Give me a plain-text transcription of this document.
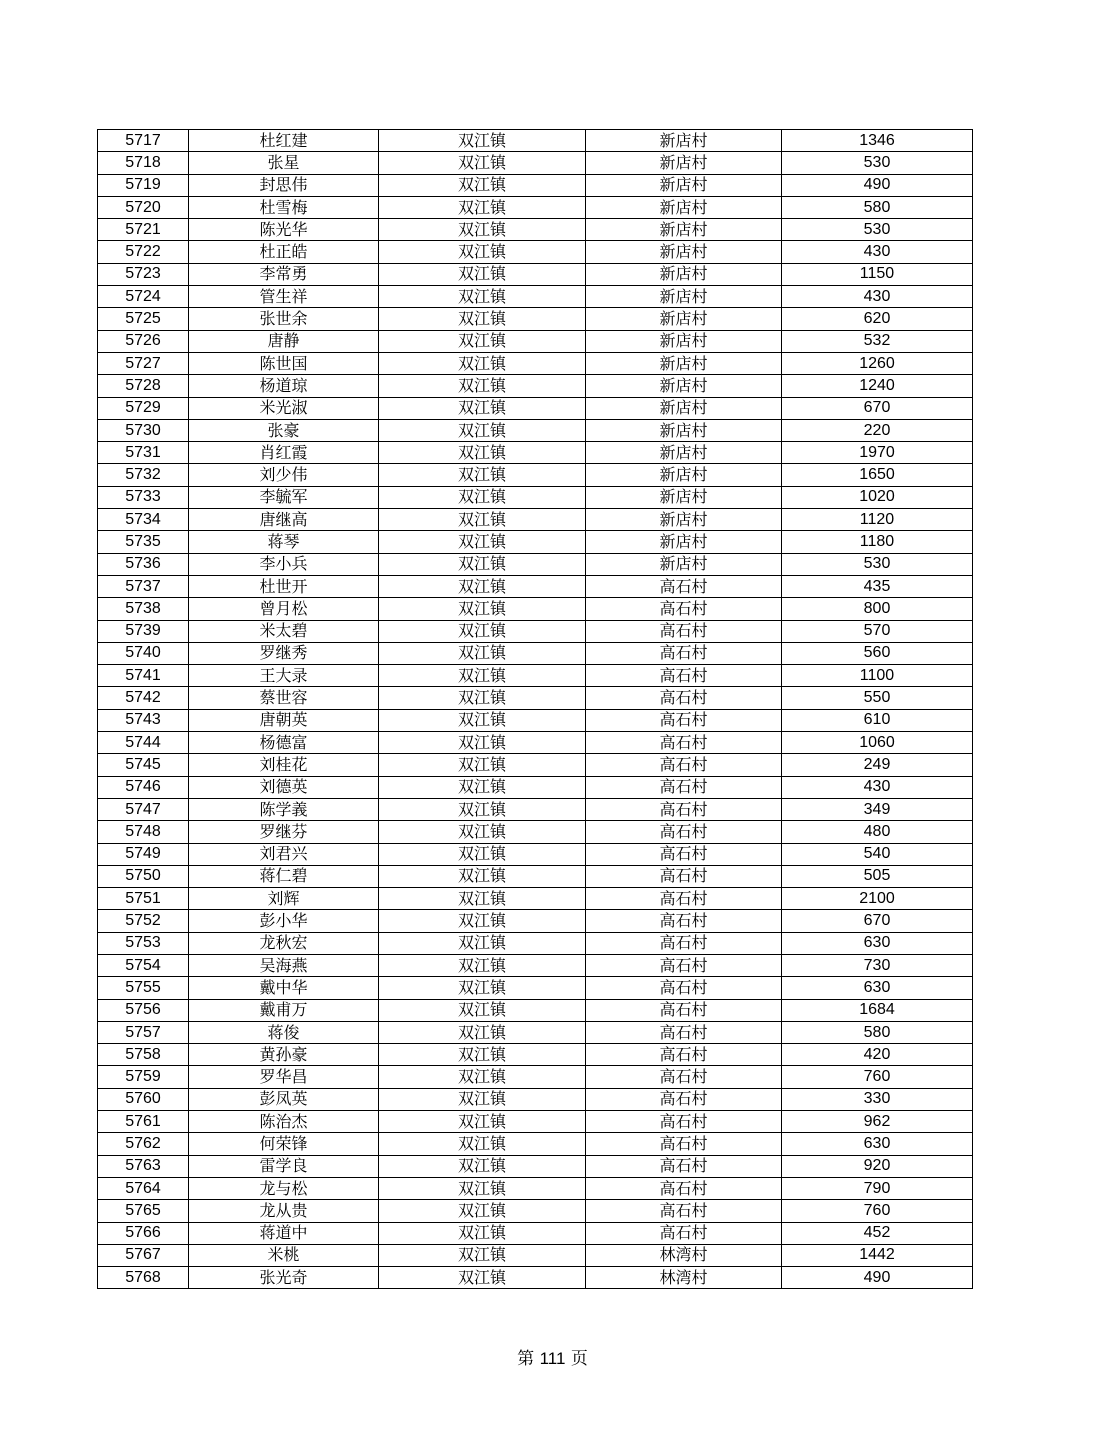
5717	杜红建	双江镇	新店村	1346
5718	张星	双江镇	新店村	530
5719	封思伟	双江镇	新店村	490
5720	杜雪梅	双江镇	新店村	580
5721	陈光华	双江镇	新店村	530
5722	杜正皓	双江镇	新店村	430
5723	李常勇	双江镇	新店村	1150
5724	管生祥	双江镇	新店村	430
5725	张世余	双江镇	新店村	620
5726	唐静	双江镇	新店村	532
5727	陈世国	双江镇	新店村	1260
5728	杨道琼	双江镇	新店村	1240
5729	米光淑	双江镇	新店村	670
5730	张豪	双江镇	新店村	220
5731	肖红霞	双江镇	新店村	1970
5732	刘少伟	双江镇	新店村	1650
5733	李毓军	双江镇	新店村	1020
5734	唐继高	双江镇	新店村	1120
5735	蒋琴	双江镇	新店村	1180
5736	李小兵	双江镇	新店村	530
5737	杜世开	双江镇	高石村	435
5738	曾月松	双江镇	高石村	800
5739	米太碧	双江镇	高石村	570
5740	罗继秀	双江镇	高石村	560
5741	王大录	双江镇	高石村	1100
5742	蔡世容	双江镇	高石村	550
5743	唐朝英	双江镇	高石村	610
5744	杨德富	双江镇	高石村	1060
5745	刘桂花	双江镇	高石村	249
5746	刘德英	双江镇	高石村	430
5747	陈学義	双江镇	高石村	349
5748	罗继芬	双江镇	高石村	480
5749	刘君兴	双江镇	高石村	540
5750	蒋仁碧	双江镇	高石村	505
5751	刘辉	双江镇	高石村	2100
5752	彭小华	双江镇	高石村	670
5753	龙秋宏	双江镇	高石村	630
5754	吴海燕	双江镇	高石村	730
5755	戴中华	双江镇	高石村	630
5756	戴甫万	双江镇	高石村	1684
5757	蒋俊	双江镇	高石村	580
5758	黄孙豪	双江镇	高石村	420
5759	罗华昌	双江镇	高石村	760
5760	彭凤英	双江镇	高石村	330
5761	陈治杰	双江镇	高石村	962
5762	何荣锋	双江镇	高石村	630
5763	雷学良	双江镇	高石村	920
5764	龙与松	双江镇	高石村	790
5765	龙从贵	双江镇	高石村	760
5766	蒋道中	双江镇	高石村	452
5767	米桃	双江镇	林湾村	1442
5768	张光奇	双江镇	林湾村	490
第 111 页
